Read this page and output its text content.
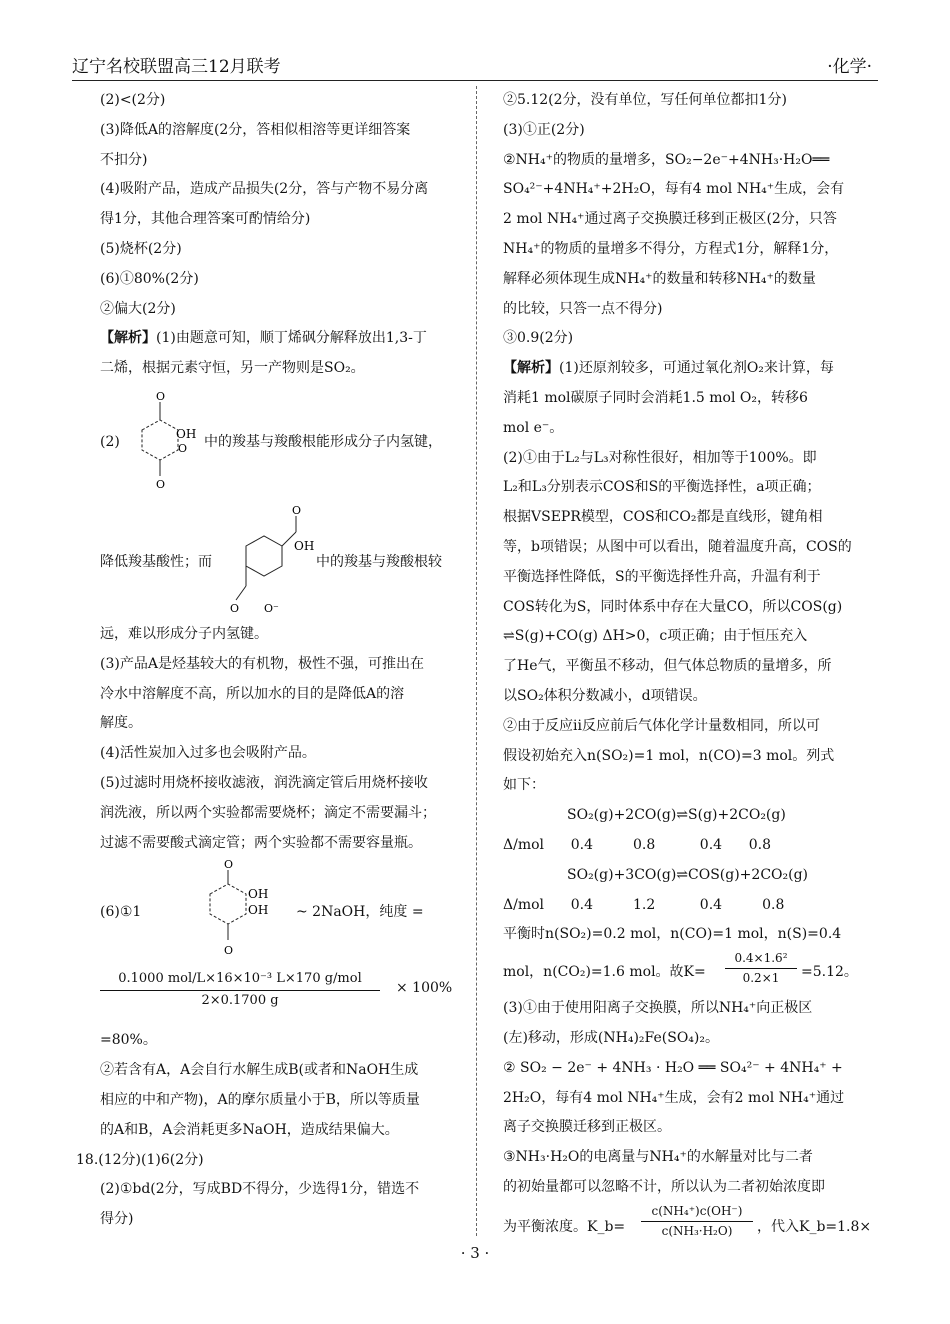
辽宁名校联盟高三12月联考	·化学·
(2)<(2分)
(3)降低A的溶解度(2分，答相似相溶等更详细答案
不扣分)
(4)吸附产品，造成产品损失(2分，答与产物不易分离
得1分，其他合理答案可酌情给分)
(5)烧杯(2分)
(6)①80%(2分)
②偏大(2分)
【解析】(1)由题意可知，顺丁烯砜分解释放出1,3-丁
二烯，根据元素守恒，另一产物则是SO₂。
(2)
O
O
OH
O 中的羧基与羧酸根能形成分子内氢键，
降低羧基酸性；而
O
OH
O O⁻
中的羧基与羧酸根较
远，难以形成分子内氢键。
(3)产品A是烃基较大的有机物，极性不强，可推出在
冷水中溶解度不高，所以加水的目的是降低A的溶
解度。
(4)活性炭加入过多也会吸附产品。
(5)过滤时用烧杯接收滤液，润洗滴定管后用烧杯接收
润洗液，所以两个实验都需要烧杯；滴定不需要漏斗；
过滤不需要酸式滴定管；两个实验都不需要容量瓶。
(6)①1
O
OH
OH
O
~ 2NaOH，纯度 =
0.1000 mol/L×16×10⁻³ L×170 g/mol
2×0.1700 g
× 100%
=80%。
②若含有A，A会自行水解生成B(或者和NaOH生成
相应的中和产物)，A的摩尔质量小于B，所以等质量
的A和B，A会消耗更多NaOH，造成结果偏大。
18.(12分)(1)6(2分)
(2)①bd(2分，写成BD不得分，少选得1分，错选不
得分)
②5.12(2分，没有单位，写任何单位都扣1分)
(3)①正(2分)
②NH₄⁺的物质的量增多，SO₂−2e⁻+4NH₃·H₂O══
SO₄²⁻+4NH₄⁺+2H₂O，每有4 mol NH₄⁺生成，会有
2 mol NH₄⁺通过离子交换膜迁移到正极区(2分，只答
NH₄⁺的物质的量增多不得分，方程式1分，解释1分，
解释必须体现生成NH₄⁺的数量和转移NH₄⁺的数量
的比较，只答一点不得分)
③0.9(2分)
【解析】(1)还原剂较多，可通过氧化剂O₂来计算，每
消耗1 mol碳原子同时会消耗1.5 mol O₂，转移6
mol e⁻。
(2)①由于L₂与L₃对称性很好，相加等于100%。即
L₂和L₃分别表示COS和S的平衡选择性，a项正确；
根据VSEPR模型，COS和CO₂都是直线形，键角相
等，b项错误；从图中可以看出，随着温度升高，COS的
平衡选择性降低，S的平衡选择性升高，升温有利于
COS转化为S，同时体系中存在大量CO，所以COS(g)
⇌S(g)+CO(g) ΔH>0，c项正确；由于恒压充入
了He气，平衡虽不移动，但气体总物质的量增多，所
以SO₂体积分数减小，d项错误。
②由于反应ii反应前后气体化学计量数相同，所以可
假设初始充入n(SO₂)=1 mol，n(CO)=3 mol。列式
如下：
SO₂(g)+2CO(g)⇌S(g)+2CO₂(g)
Δ/mol      0.4         0.8          0.4      0.8
SO₂(g)+3CO(g)⇌COS(g)+2CO₂(g)
Δ/mol      0.4         1.2          0.4         0.8
平衡时n(SO₂)=0.2 mol，n(CO)=1 mol，n(S)=0.4
mol，n(CO₂)=1.6 mol。故K=
0.4×1.6²
0.2×1	=5.12。
(3)①由于使用阳离子交换膜，所以NH₄⁺向正极区
(左)移动，形成(NH₄)₂Fe(SO₄)₂。
② SO₂ − 2e⁻ + 4NH₃ · H₂O ══ SO₄²⁻ + 4NH₄⁺ +
2H₂O，每有4 mol NH₄⁺生成，会有2 mol NH₄⁺通过
离子交换膜迁移到正极区。
③NH₃·H₂O的电离量与NH₄⁺的水解量对比与二者
的初始量都可以忽略不计，所以认为二者初始浓度即
为平衡浓度。K_b=
c(NH₄⁺)c(OH⁻)
c(NH₃·H₂O)	，代入K_b=1.8×
· 3 ·
